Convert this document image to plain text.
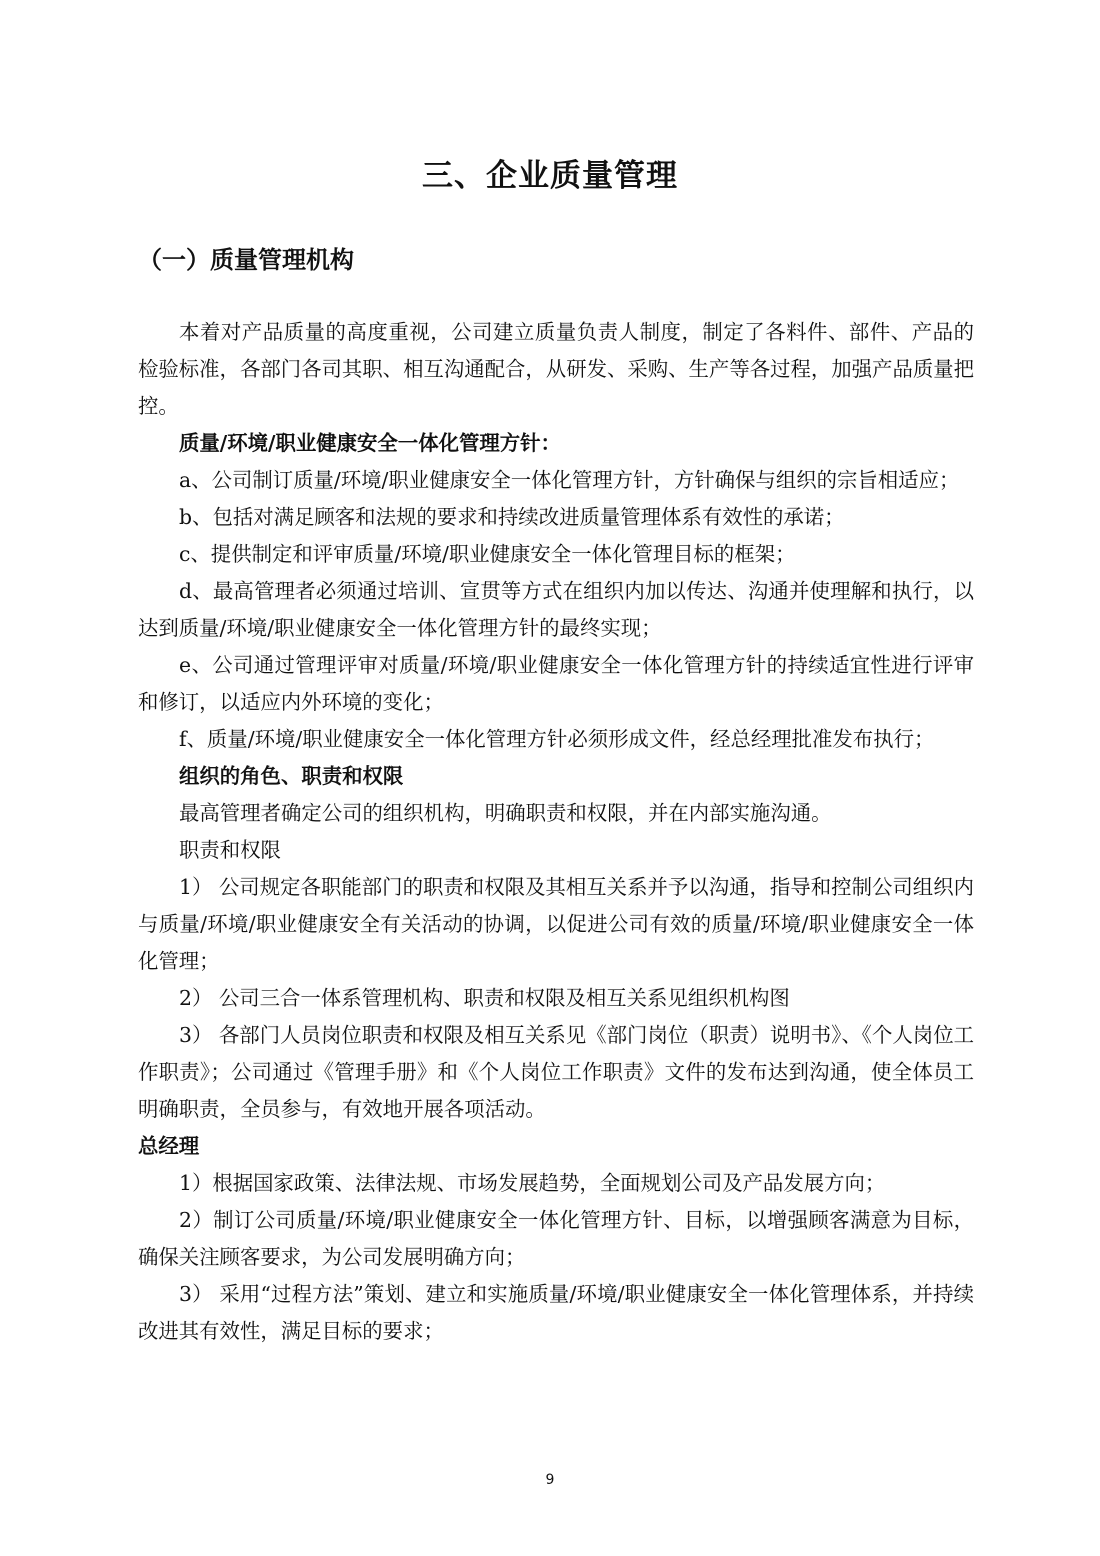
三、企业质量管理
（一）质量管理机构

本着对产品质量的高度重视，公司建立质量负责人制度，制定了各料件、部件、产品的检验标准，各部门各司其职、相互沟通配合，从研发、采购、生产等各过程，加强产品质量把控。

质量/环境/职业健康安全一体化管理方针：

a、公司制订质量/环境/职业健康安全一体化管理方针，方针确保与组织的宗旨相适应；

b、包括对满足顾客和法规的要求和持续改进质量管理体系有效性的承诺；

c、提供制定和评审质量/环境/职业健康安全一体化管理目标的框架；

d、最高管理者必须通过培训、宣贯等方式在组织内加以传达、沟通并使理解和执行，以达到质量/环境/职业健康安全一体化管理方针的最终实现；

e、公司通过管理评审对质量/环境/职业健康安全一体化管理方针的持续适宜性进行评审和修订，以适应内外环境的变化；

f、质量/环境/职业健康安全一体化管理方针必须形成文件，经总经理批准发布执行；

组织的角色、职责和权限

最高管理者确定公司的组织机构，明确职责和权限，并在内部实施沟通。

职责和权限

1） 公司规定各职能部门的职责和权限及其相互关系并予以沟通，指导和控制公司组织内与质量/环境/职业健康安全有关活动的协调，以促进公司有效的质量/环境/职业健康安全一体化管理；

2） 公司三合一体系管理机构、职责和权限及相互关系见组织机构图

3） 各部门人员岗位职责和权限及相互关系见《部门岗位（职责）说明书》、《个人岗位工作职责》；公司通过《管理手册》和《个人岗位工作职责》文件的发布达到沟通，使全体员工明确职责，全员参与，有效地开展各项活动。

总经理

1）根据国家政策、法律法规、市场发展趋势，全面规划公司及产品发展方向；

2）制订公司质量/环境/职业健康安全一体化管理方针、目标，以增强顾客满意为目标，确保关注顾客要求，为公司发展明确方向；

3） 采用“过程方法”策划、建立和实施质量/环境/职业健康安全一体化管理体系，并持续改进其有效性，满足目标的要求；

9
